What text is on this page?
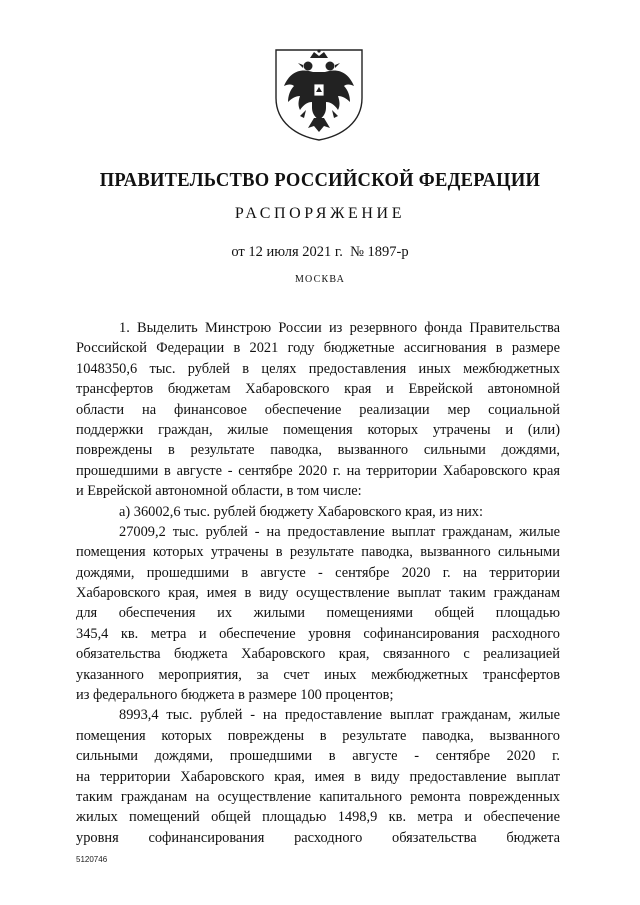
ПРАВИТЕЛЬСТВО РОССИЙСКОЙ ФЕДЕРАЦИИ
РАСПОРЯЖЕНИЕ
от 12 июля 2021 г.  № 1897-р
МОСКВА
1. Выделить Минстрою России из резервного фонда Правительства
Российской Федерации в 2021 году бюджетные ассигнования в размере
1048350,6 тыс. рублей в целях предоставления иных межбюджетных
трансфертов бюджетам Хабаровского края и Еврейской автономной
области на финансовое обеспечение реализации мер социальной
поддержки граждан, жилые помещения которых утрачены и (или)
повреждены в результате паводка, вызванного сильными дождями,
прошедшими в августе - сентябре 2020 г. на территории Хабаровского края
и Еврейской автономной области, в том числе:
а) 36002,6 тыс. рублей бюджету Хабаровского края, из них:
27009,2 тыс. рублей - на предоставление выплат гражданам, жилые
помещения которых утрачены в результате паводка, вызванного сильными
дождями, прошедшими в августе - сентябре 2020 г. на территории
Хабаровского края, имея в виду осуществление выплат таким гражданам
для обеспечения их жилыми помещениями общей площадью
345,4 кв. метра и обеспечение уровня софинансирования расходного
обязательства бюджета Хабаровского края, связанного с реализацией
указанного мероприятия, за счет иных межбюджетных трансфертов
из федерального бюджета в размере 100 процентов;
8993,4 тыс. рублей - на предоставление выплат гражданам, жилые
помещения которых повреждены в результате паводка, вызванного
сильными дождями, прошедшими в августе - сентябре 2020 г.
на территории Хабаровского края, имея в виду предоставление выплат
таким гражданам на осуществление капитального ремонта поврежденных
жилых помещений общей площадью 1498,9 кв. метра и обеспечение
уровня софинансирования расходного обязательства бюджета
5120746
